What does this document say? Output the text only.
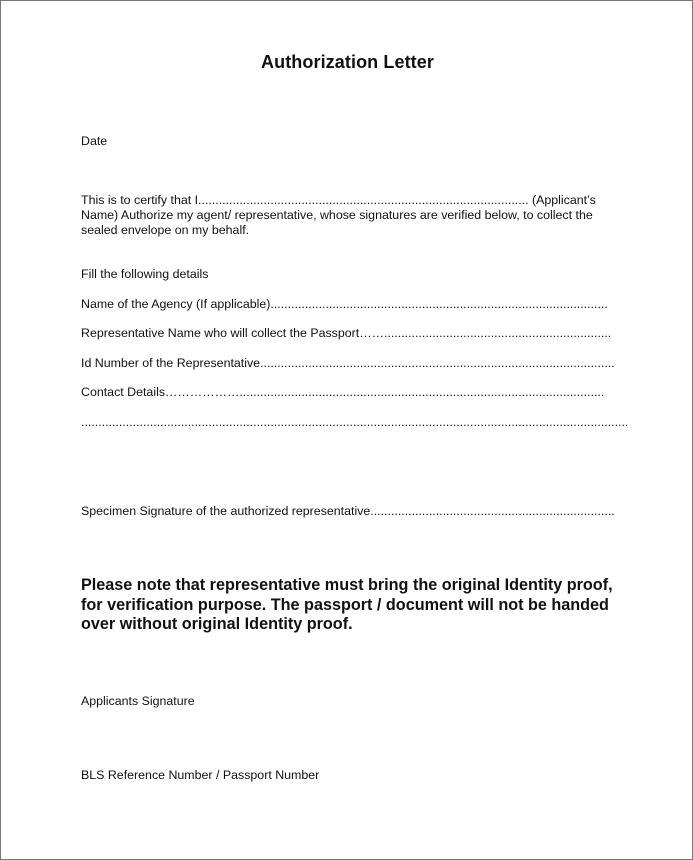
Authorization Letter
Date
This is to certify that I................................................................................................ (Applicant’s
Name) Authorize my agent/ representative, whose signatures are verified below, to collect the
sealed envelope on my behalf.
Fill the following details
Name of the Agency (If applicable)..................................................................................................
Representative Name who will collect the Passport……..................................................................
Id Number of the Representative.......................................................................................................
Contact Details………………..........................................................................................................
...............................................................................................................................................................
Specimen Signature of the authorized representative.......................................................................
Please note that representative must bring the original Identity proof,
for verification purpose. The passport / document will not be handed
over without original Identity proof.
Applicants Signature
BLS Reference Number / Passport Number
